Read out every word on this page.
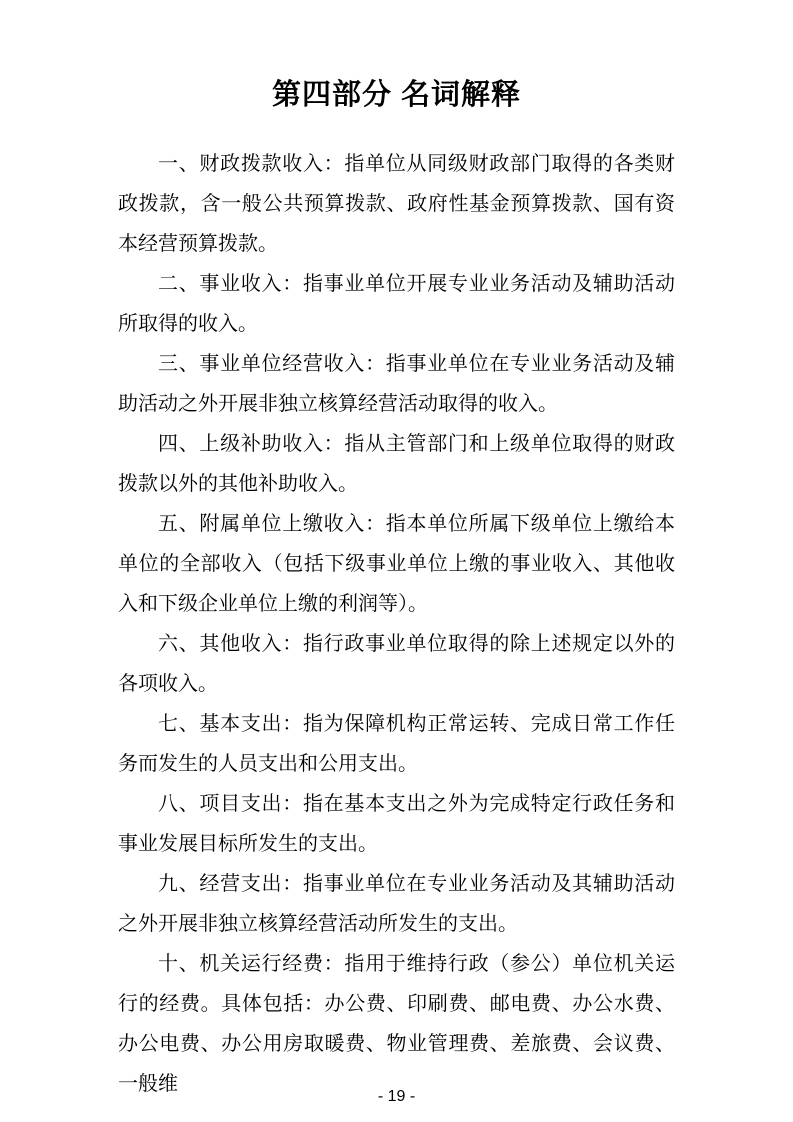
第四部分 名词解释

一、财政拨款收入：指单位从同级财政部门取得的各类财政拨款，含一般公共预算拨款、政府性基金预算拨款、国有资本经营预算拨款。

二、事业收入：指事业单位开展专业业务活动及辅助活动所取得的收入。

三、事业单位经营收入：指事业单位在专业业务活动及辅助活动之外开展非独立核算经营活动取得的收入。

四、上级补助收入：指从主管部门和上级单位取得的财政拨款以外的其他补助收入。

五、附属单位上缴收入：指本单位所属下级单位上缴给本单位的全部收入（包括下级事业单位上缴的事业收入、其他收入和下级企业单位上缴的利润等）。

六、其他收入：指行政事业单位取得的除上述规定以外的各项收入。

七、基本支出：指为保障机构正常运转、完成日常工作任务而发生的人员支出和公用支出。

八、项目支出：指在基本支出之外为完成特定行政任务和事业发展目标所发生的支出。

九、经营支出：指事业单位在专业业务活动及其辅助活动之外开展非独立核算经营活动所发生的支出。

十、机关运行经费：指用于维持行政（参公）单位机关运行的经费。具体包括：办公费、印刷费、邮电费、办公水费、办公电费、办公用房取暖费、物业管理费、差旅费、会议费、一般维

- 19 -
